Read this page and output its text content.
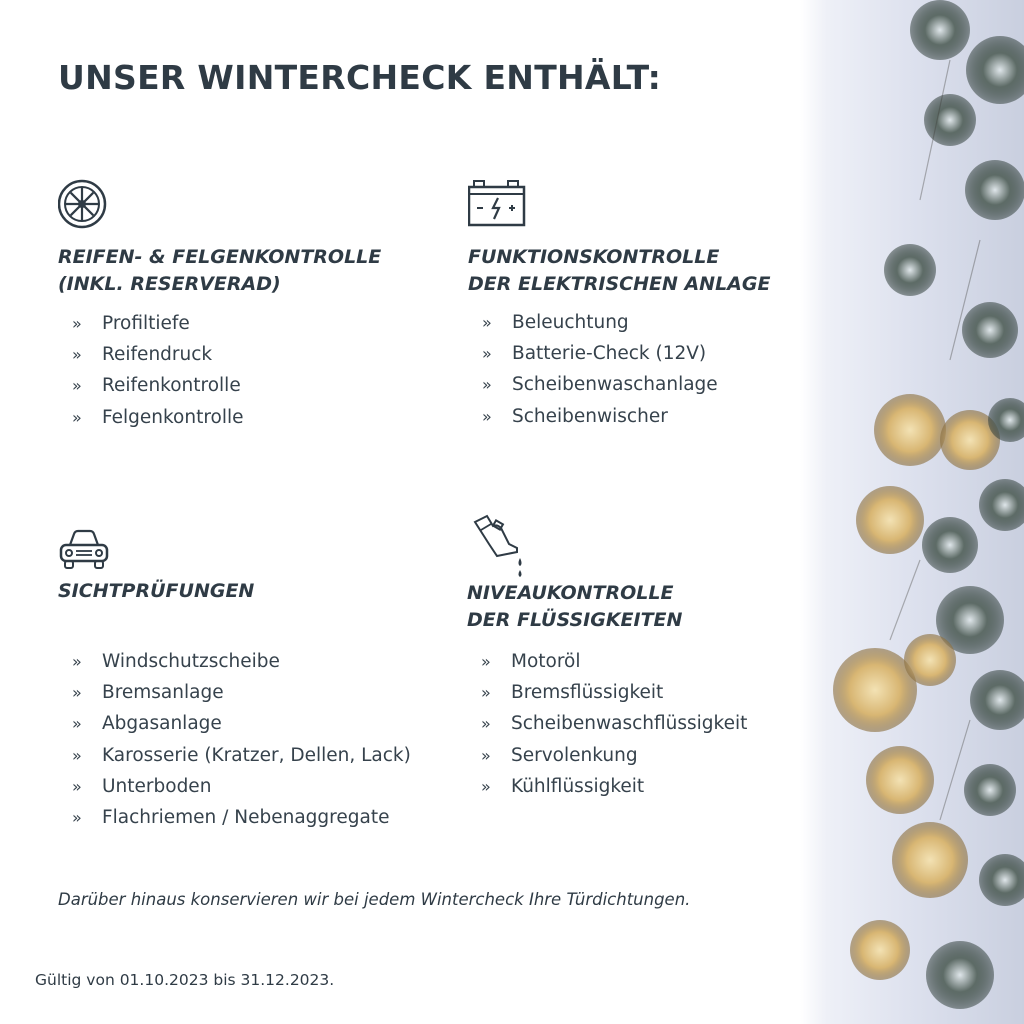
UNSER WINTERCHECK ENTHÄLT:
REIFEN- & FELGENKONTROLLE
(INKL. RESERVERAD)
»	Profiltiefe
»	Reifendruck
»	Reifenkontrolle
»	Felgenkontrolle
FUNKTIONSKONTROLLE
DER ELEKTRISCHEN ANLAGE
»	Beleuchtung
»	Batterie-Check (12V)
»	Scheibenwaschanlage
»	Scheibenwischer
SICHTPRÜFUNGEN
»	Windschutzscheibe
»	Bremsanlage
»	Abgasanlage
»	Karosserie (Kratzer, Dellen, Lack)
»	Unterboden
»	Flachriemen / Nebenaggregate
NIVEAUKONTROLLE
DER FLÜSSIGKEITEN
»	Motoröl
»	Bremsflüssigkeit
»	Scheibenwaschflüssigkeit
»	Servolenkung
»	Kühlflüssigkeit

Darüber hinaus konservieren wir bei jedem Wintercheck Ihre Türdichtungen.

Gültig von 01.10.2023 bis 31.12.2023.
